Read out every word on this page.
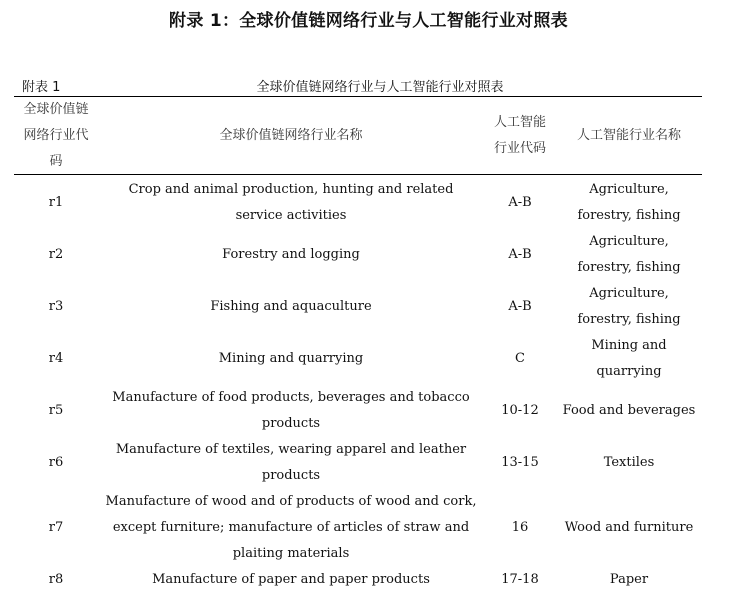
附录 1：全球价值链网络行业与人工智能行业对照表
附表 1	全球价值链网络行业与人工智能行业对照表
全球价值链网络行业代码	全球价值链网络行业名称	人工智能行业代码	人工智能行业名称
r1	Crop and animal production, hunting and related service activities	A-B	Agriculture, forestry, fishing
r2	Forestry and logging	A-B	Agriculture, forestry, fishing
r3	Fishing and aquaculture	A-B	Agriculture, forestry, fishing
r4	Mining and quarrying	C	Mining and quarrying
r5	Manufacture of food products, beverages and tobacco products	10-12	Food and beverages
r6	Manufacture of textiles, wearing apparel and leather products	13-15	Textiles
r7	Manufacture of wood and of products of wood and cork, except furniture; manufacture of articles of straw and plaiting materials	16	Wood and furniture
r8	Manufacture of paper and paper products	17-18	Paper
